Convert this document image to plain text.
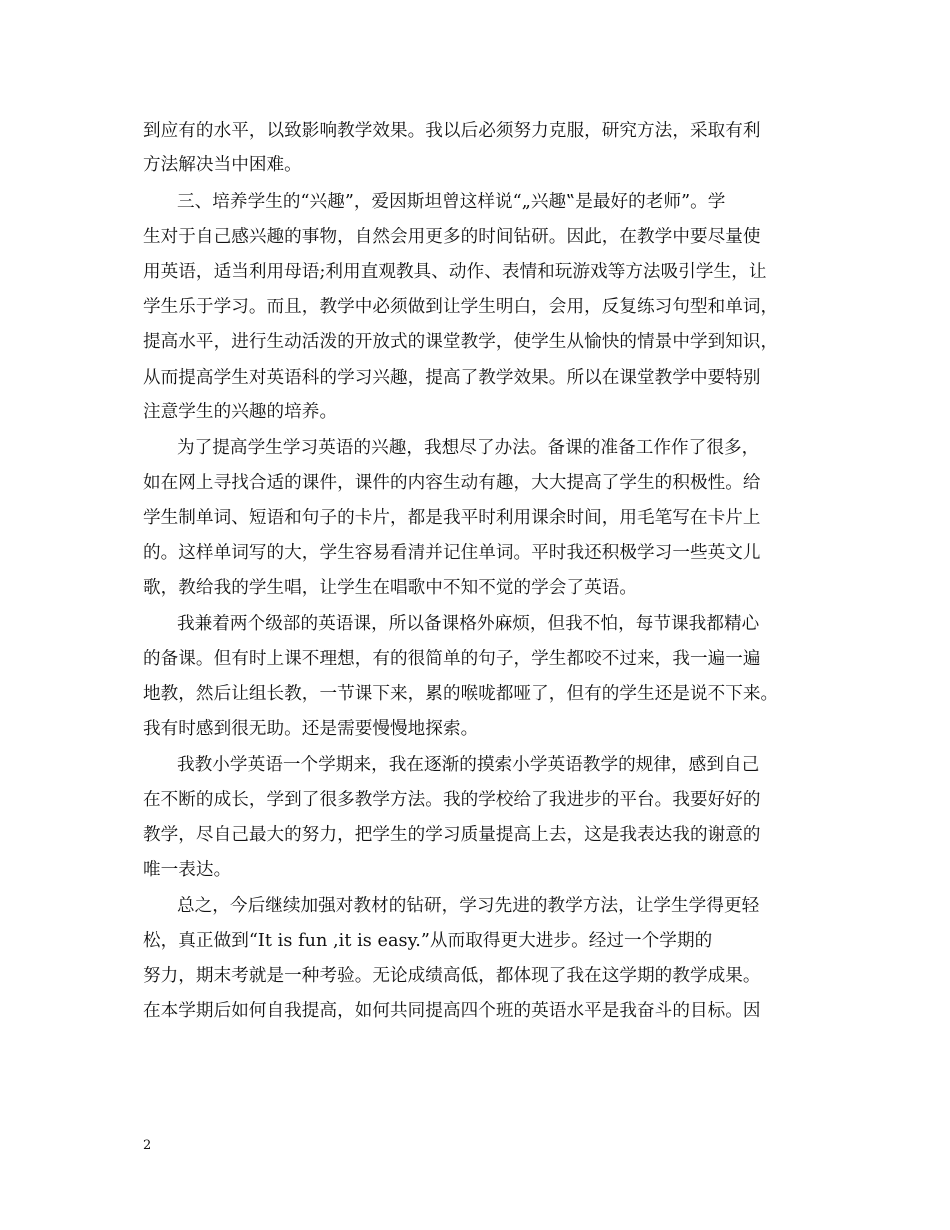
到应有的水平，以致影响教学效果。我以后必须努力克服，研究方法，采取有利
方法解决当中困难。
三、培养学生的“兴趣”，爱因斯坦曾这样说“„兴趣‟是最好的老师”。学
生对于自己感兴趣的事物，自然会用更多的时间钻研。因此，在教学中要尽量使
用英语，适当利用母语;利用直观教具、动作、表情和玩游戏等方法吸引学生，让
学生乐于学习。而且，教学中必须做到让学生明白，会用，反复练习句型和单词，
提高水平，进行生动活泼的开放式的课堂教学，使学生从愉快的情景中学到知识，
从而提高学生对英语科的学习兴趣，提高了教学效果。所以在课堂教学中要特别
注意学生的兴趣的培养。
为了提高学生学习英语的兴趣，我想尽了办法。备课的准备工作作了很多，
如在网上寻找合适的课件，课件的内容生动有趣，大大提高了学生的积极性。给
学生制单词、短语和句子的卡片，都是我平时利用课余时间，用毛笔写在卡片上
的。这样单词写的大，学生容易看清并记住单词。平时我还积极学习一些英文儿
歌，教给我的学生唱，让学生在唱歌中不知不觉的学会了英语。
我兼着两个级部的英语课，所以备课格外麻烦，但我不怕，每节课我都精心
的备课。但有时上课不理想，有的很简单的句子，学生都咬不过来，我一遍一遍
地教，然后让组长教，一节课下来，累的喉咙都哑了，但有的学生还是说不下来。
我有时感到很无助。还是需要慢慢地探索。
我教小学英语一个学期来，我在逐渐的摸索小学英语教学的规律，感到自己
在不断的成长，学到了很多教学方法。我的学校给了我进步的平台。我要好好的
教学，尽自己最大的努力，把学生的学习质量提高上去，这是我表达我的谢意的
唯一表达。
总之，今后继续加强对教材的钻研，学习先进的教学方法，让学生学得更轻
松，真正做到“It is fun ,it is easy.”从而取得更大进步。经过一个学期的
努力，期末考就是一种考验。无论成绩高低，都体现了我在这学期的教学成果。
在本学期后如何自我提高，如何共同提高四个班的英语水平是我奋斗的目标。因
2
